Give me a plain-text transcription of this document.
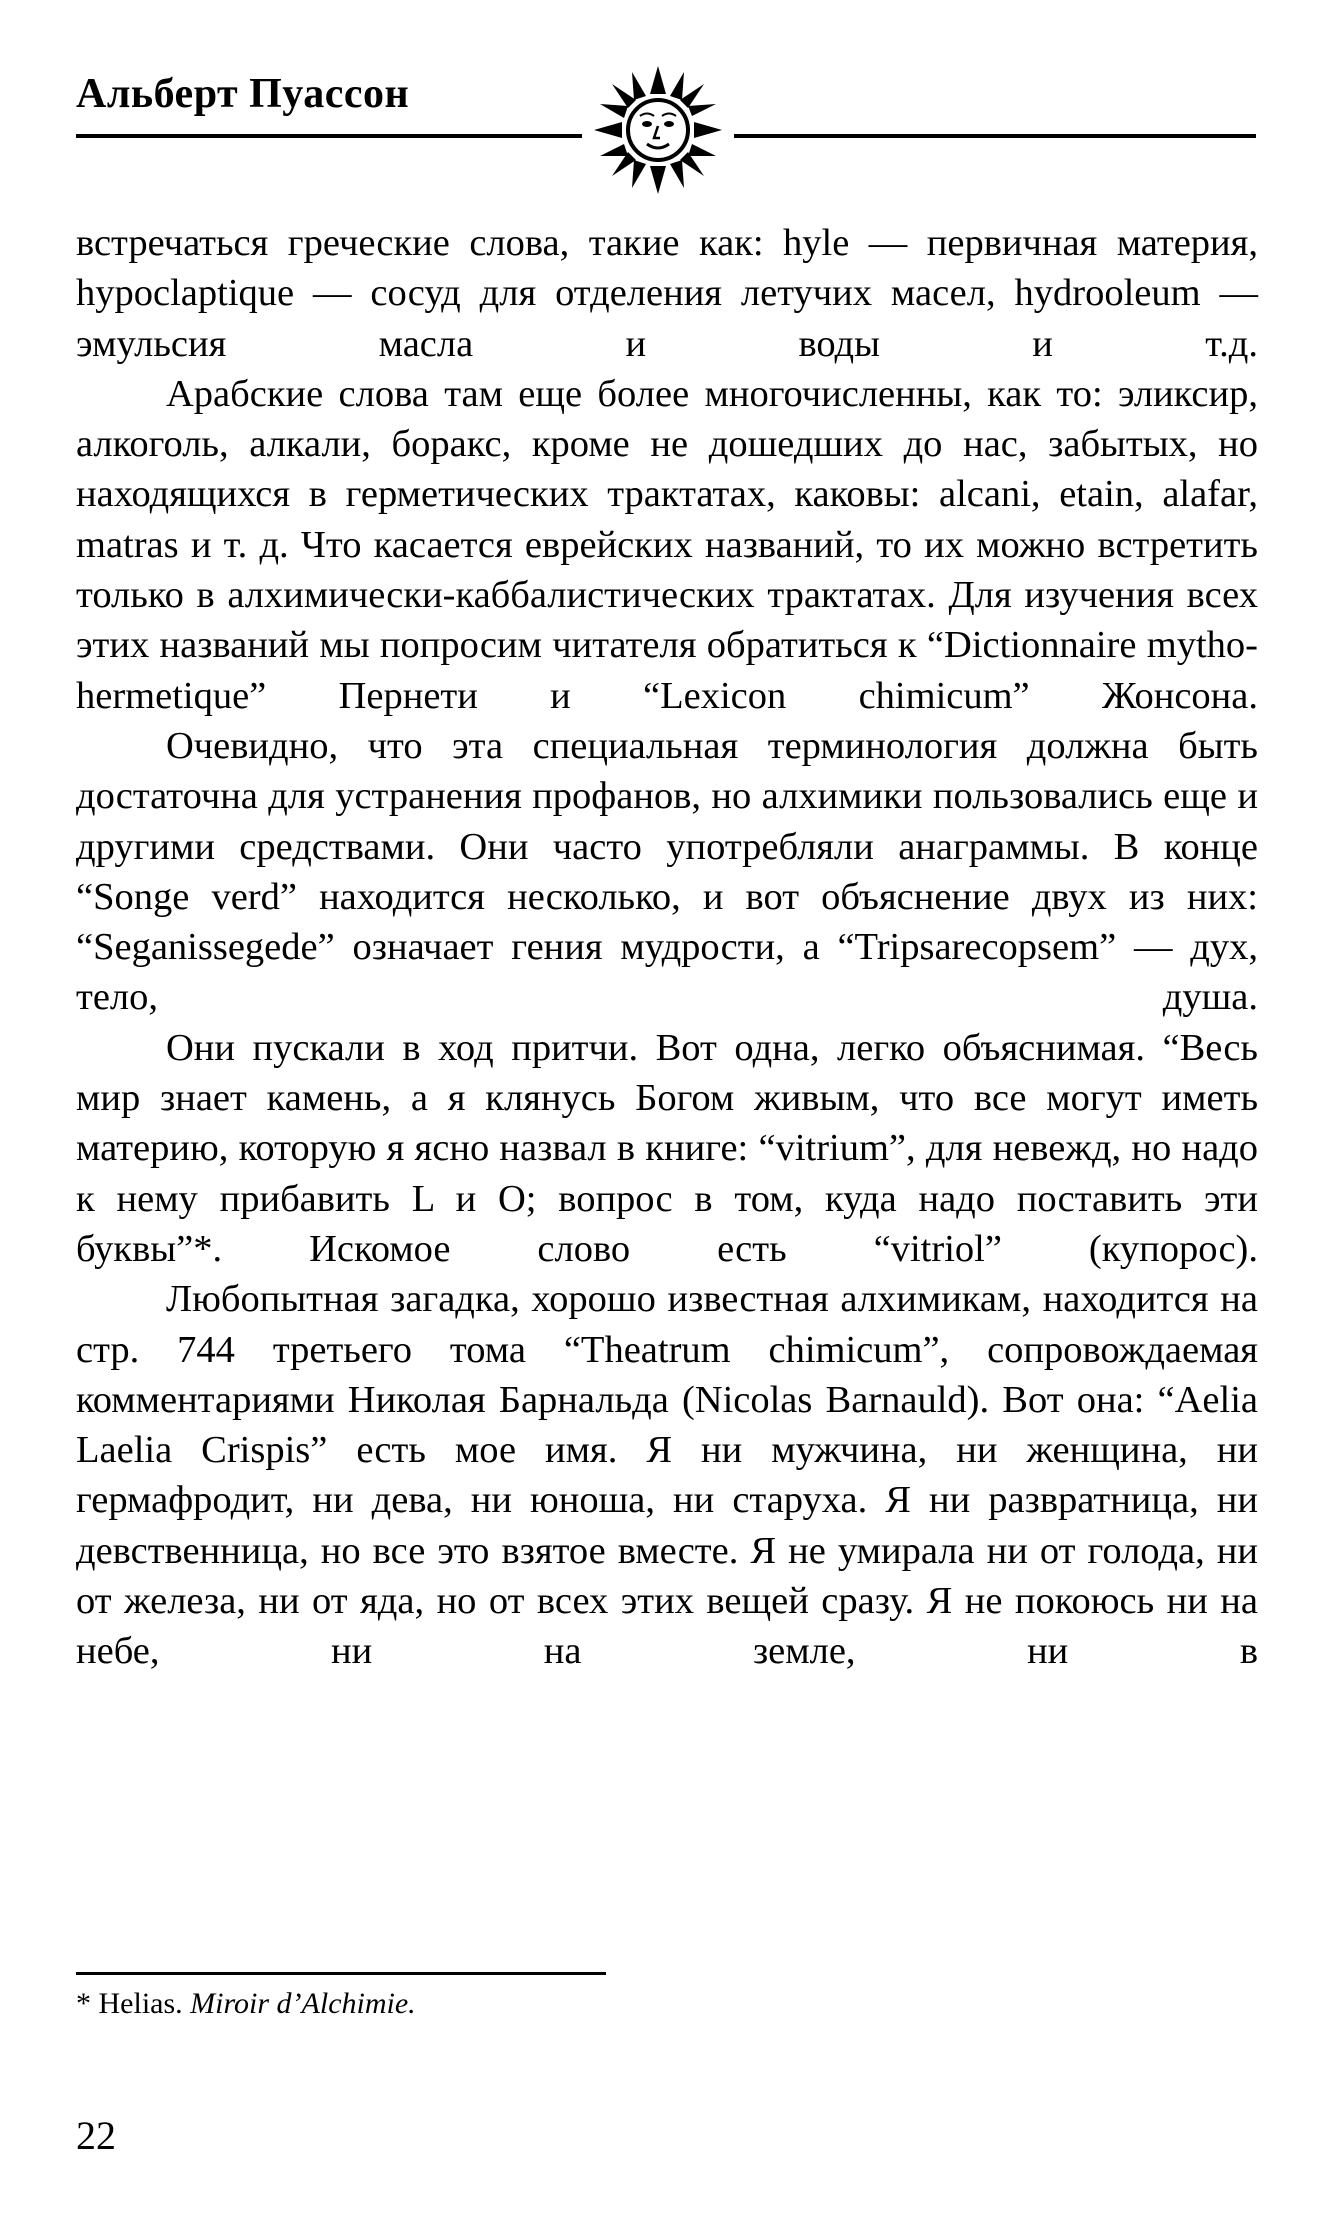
Альберт Пуассон

встречаться греческие слова, такие как: hyle — первичная материя, hypoclaptique — сосуд для отделения летучих масел, hydrooleum — эмульсия масла и воды и т.д.

Арабские слова там еще более многочисленны, как то: эликсир, алкоголь, алкали, боракс, кроме не дошедших до нас, забытых, но находящихся в герметических трактатах, каковы: alcani, etain, alafar, matras и т. д. Что касается еврейских названий, то их можно встретить только в алхимически-каббалистических трактатах. Для изучения всех этих названий мы попросим читателя обратиться к “Dictionnaire mytho-hermetique” Пернети и “Lexicon chimicum” Жонсона.

Очевидно, что эта специальная терминология должна быть достаточна для устранения профанов, но алхимики пользовались еще и другими средствами. Они часто употребляли анаграммы. В конце “Songe verd” находится несколько, и вот объяснение двух из них: “Seganissegede” означает гения мудрости, а “Tripsarecopsem” — дух, тело, душа.

Они пускали в ход притчи. Вот одна, легко объяснимая. “Весь мир знает камень, а я клянусь Богом живым, что все могут иметь материю, которую я ясно назвал в книге: “vitrium”, для невежд, но надо к нему прибавить L и O; вопрос в том, куда надо поставить эти буквы”*. Искомое слово есть “vitriol” (купорос).

Любопытная загадка, хорошо известная алхимикам, находится на стр. 744 третьего тома “Theatrum chimicum”, сопровождаемая комментариями Николая Барнальда (Nicolas Barnauld). Вот она: “Aelia Laelia Crispis” есть мое имя. Я ни мужчина, ни женщина, ни гермафродит, ни дева, ни юноша, ни старуха. Я ни развратница, ни девственница, но все это взятое вместе. Я не умирала ни от голода, ни от железа, ни от яда, но от всех этих вещей сразу. Я не покоюсь ни на небе, ни на земле, ни в

* Helias. Miroir d’Alchimie.
22
